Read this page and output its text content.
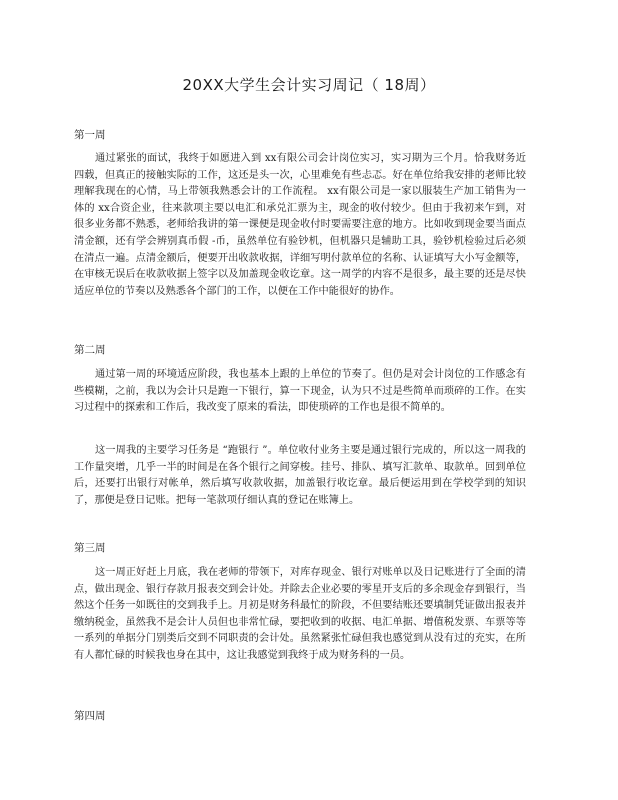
20XX大学生会计实习周记（ 18周）
第一周

通过紧张的面试，我终于如愿进入到 xx有限公司会计岗位实习，实习期为三个月。恰我财务近四载，但真正的接触实际的工作，这还是头一次，心里难免有些忐忑。好在单位给我安排的老师比较理解我现在的心情，马上带领我熟悉会计的工作流程。 xx有限公司是一家以服装生产加工销售为一体的 xx合资企业，往来款项主要以电汇和承兑汇票为主，现金的收付较少。但由于我初来乍到，对很多业务都不熟悉，老师给我讲的第一课便是现金收付时要需要注意的地方。比如收到现金要当面点清金额，还有学会辨别真币假 -币，虽然单位有验钞机，但机器只是辅助工具，验钞机检验过后必须在清点一遍。点清金额后，便要开出收款收据，详细写明付款单位的名称、认证填写大小写金额等，在审核无误后在收款收据上签字以及加盖现金收讫章。这一周学的内容不是很多，最主要的还是尽快适应单位的节奏以及熟悉各个部门的工作，以便在工作中能很好的协作。

第二周

通过第一周的环境适应阶段，我也基本上跟的上单位的节奏了。但仍是对会计岗位的工作感念有些模糊，之前，我以为会计只是跑一下银行，算一下现金，认为只不过是些简单而琐碎的工作。在实习过程中的探索和工作后，我改变了原来的看法，即使琐碎的工作也是很不简单的。

这一周我的主要学习任务是 “跑银行 ”。单位收付业务主要是通过银行完成的，所以这一周我的工作量突增，几乎一半的时间是在各个银行之间穿梭。挂号、排队、填写汇款单、取款单。回到单位后，还要打出银行对帐单，然后填写收款收据，加盖银行收讫章。最后便运用到在学校学到的知识了，那便是登日记账。把每一笔款项仔细认真的登记在账簿上。

第三周

这一周正好赶上月底，我在老师的带领下，对库存现金、银行对账单以及日记账进行了全面的清点，做出现金、银行存款月报表交到会计处。并除去企业必要的零星开支后的多余现金存到银行，当然这个任务一如既往的交到我手上。月初是财务科最忙的阶段，不但要结账还要填制凭证做出报表并缴纳税金，虽然我不是会计人员但也非常忙碌，要把收到的收据、电汇单据、增值税发票、车票等等一系列的单据分门别类后交到不同职责的会计处。虽然紧张忙碌但我也感觉到从没有过的充实，在所有人都忙碌的时候我也身在其中，这让我感觉到我终于成为财务科的一员。

第四周
